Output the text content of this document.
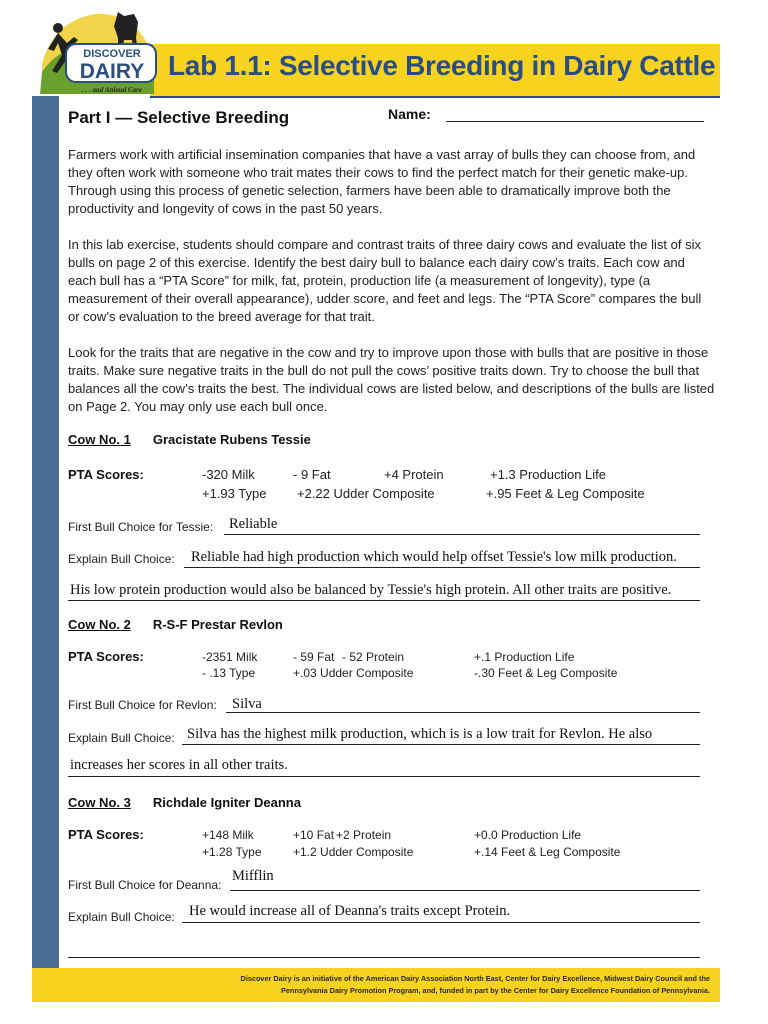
Lab 1.1: Selective Breeding in Dairy Cattle
DISCOVER
DAIRY
. . . and Animal Care
Part I — Selective Breeding	Name:
Farmers work with artificial insemination companies that have a vast array of bulls they can choose from, and they often work with someone who trait mates their cows to find the perfect match for their genetic make-up. Through using this process of genetic selection, farmers have been able to dramatically improve both the productivity and longevity of cows in the past 50 years.
In this lab exercise, students should compare and contrast traits of three dairy cows and evaluate the list of six bulls on page 2 of this exercise. Identify the best dairy bull to balance each dairy cow’s traits. Each cow and each bull has a “PTA Score” for milk, fat, protein, production life (a measurement of longevity), type (a measurement of their overall appearance), udder score, and feet and legs. The “PTA Score” compares the bull or cow’s evaluation to the breed average for that trait.
Look for the traits that are negative in the cow and try to improve upon those with bulls that are positive in those traits. Make sure negative traits in the bull do not pull the cows’ positive traits down. Try to choose the bull that balances all the cow’s traits the best. The individual cows are listed below, and descriptions of the bulls are listed on Page 2. You may only use each bull once.
Cow No. 1 Gracistate Rubens Tessie
PTA Scores:	-320 Milk	- 9 Fat	+4 Protein	+1.3 Production Life
+1.93 Type +2.22 Udder Composite	+.95 Feet & Leg Composite
First Bull Choice for Tessie: Reliable
Explain Bull Choice: Reliable had high production which would help offset Tessie's low milk production.
His low protein production would also be balanced by Tessie's high protein. All other traits are positive.
Cow No. 2 R-S-F Prestar Revlon
PTA Scores:	-2351 Milk	- 59 Fat - 52 Protein	+.1 Production Life
- .13 Type	+.03 Udder Composite	-.30 Feet & Leg Composite
First Bull Choice for Revlon: Silva
Explain Bull Choice: Silva has the highest milk production, which is is a low trait for Revlon. He also
increases her scores in all other traits.
Cow No. 3 Richdale Igniter Deanna
PTA Scores:	+148 Milk	+10 Fat +2 Protein	+0.0 Production Life
+1.28 Type	+1.2 Udder Composite	+.14 Feet & Leg Composite
First Bull Choice for Deanna:
Mifflin
Explain Bull Choice: He would increase all of Deanna's traits except Protein.
Discover Dairy is an initiative of the American Dairy Association North East, Center for Dairy Excellence, Midwest Dairy Council and the
Pennsylvania Dairy Promotion Program, and, funded in part by the Center for Dairy Excellence Foundation of Pennsylvania.
